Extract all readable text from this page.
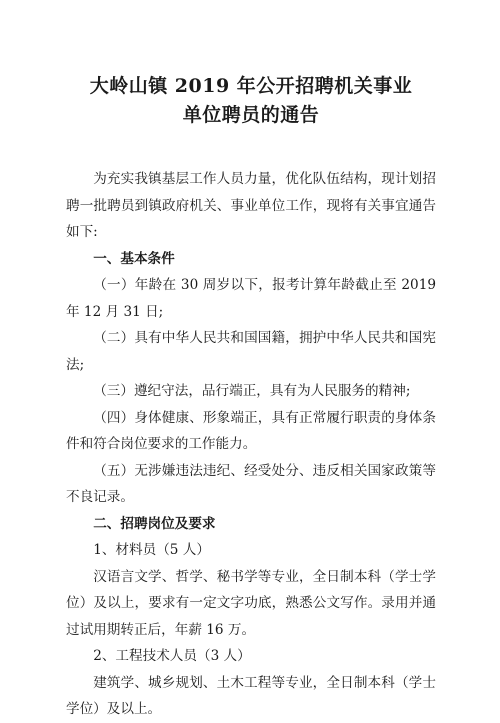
大岭山镇 2019 年公开招聘机关事业
单位聘员的通告

为充实我镇基层工作人员力量，优化队伍结构，现计划招聘一批聘员到镇政府机关、事业单位工作，现将有关事宜通告如下:

一、基本条件

（一）年龄在 30 周岁以下，报考计算年龄截止至 2019 年 12 月 31 日;

（二）具有中华人民共和国国籍，拥护中华人民共和国宪法;

（三）遵纪守法，品行端正，具有为人民服务的精神;

（四）身体健康、形象端正，具有正常履行职责的身体条件和符合岗位要求的工作能力。

（五）无涉嫌违法违纪、经受处分、违反相关国家政策等不良记录。

二、招聘岗位及要求

1、材料员（5 人）

汉语言文学、哲学、秘书学等专业，全日制本科（学士学位）及以上，要求有一定文字功底，熟悉公文写作。录用并通过试用期转正后，年薪 16 万。

2、工程技术人员（3 人）

建筑学、城乡规划、土木工程等专业，全日制本科（学士学位）及以上。
